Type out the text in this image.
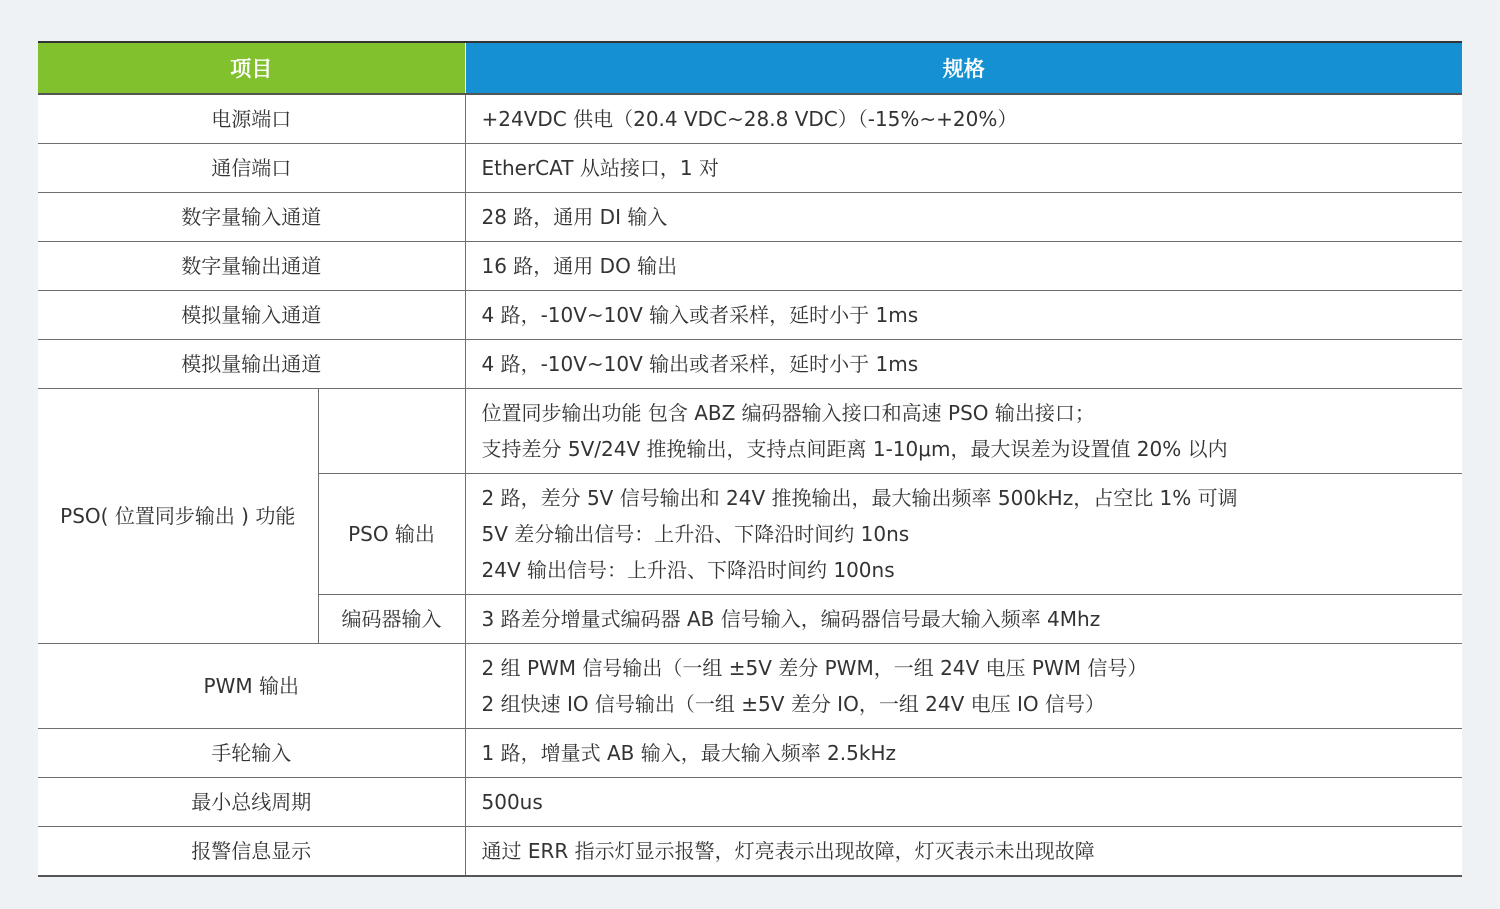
项目		规格
电源端口		+24VDC 供电（20.4 VDC~28.8 VDC）（-15%~+20%）
通信端口		EtherCAT 从站接口，1 对
数字量输入通道		28 路，通用 DI 输入
数字量输出通道		16 路，通用 DO 输出
模拟量输入通道		4 路，-10V~10V 输入或者采样，延时小于 1ms
模拟量输出通道		4 路，-10V~10V 输出或者采样，延时小于 1ms
PSO( 位置同步输出 ) 功能		位置同步输出功能 包含 ABZ 编码器输入接口和高速 PSO 输出接口；
支持差分 5V/24V 推挽输出，支持点间距离 1-10μm，最大误差为设置值 20% 以内

	PSO 输出	2 路，差分 5V 信号输出和 24V 推挽输出，最大输出频率 500kHz，占空比 1% 可调
5V 差分输出信号：上升沿、下降沿时间约 10ns
24V 输出信号：上升沿、下降沿时间约 100ns

	编码器输入	3 路差分增量式编码器 AB 信号输入，编码器信号最大输入频率 4Mhz
PWM 输出		2 组 PWM 信号输出（一组 ±5V 差分 PWM，一组 24V 电压 PWM 信号）
2 组快速 IO 信号输出（一组 ±5V 差分 IO，一组 24V 电压 IO 信号）

手轮输入		1 路，增量式 AB 输入，最大输入频率 2.5kHz
最小总线周期		500us
报警信息显示		通过 ERR 指示灯显示报警，灯亮表示出现故障，灯灭表示未出现故障
